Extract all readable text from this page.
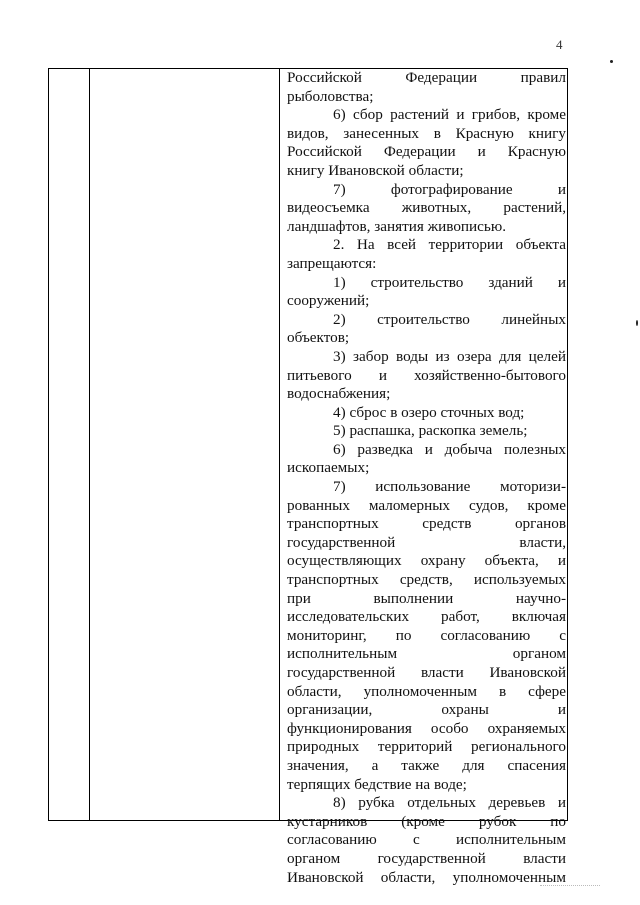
4
Российской Федерации правил
рыболовства;
6) сбор растений и грибов, кроме
видов, занесенных в Красную книгу
Российской Федерации и Красную
книгу Ивановской области;
7) фотографирование и
видеосъемка животных, растений,
ландшафтов, занятия живописью.
2. На всей территории объекта
запрещаются:
1) строительство зданий и
сооружений;
2) строительство линейных
объектов;
3) забор воды из озера для целей
питьевого и хозяйственно-бытового
водоснабжения;
4) сброс в озеро сточных вод;
5) распашка, раскопка земель;
6) разведка и добыча полезных
ископаемых;
7) использование моторизи-
рованных маломерных судов, кроме
транспортных средств органов
государственной власти,
осуществляющих охрану объекта, и
транспортных средств, используемых
при выполнении научно-
исследовательских работ, включая
мониторинг, по согласованию с
исполнительным органом
государственной власти Ивановской
области, уполномоченным в сфере
организации, охраны и
функционирования особо охраняемых
природных территорий регионального
значения, а также для спасения
терпящих бедствие на воде;
8) рубка отдельных деревьев и
кустарников (кроме рубок по
согласованию с исполнительным
органом государственной власти
Ивановской области, уполномоченным
